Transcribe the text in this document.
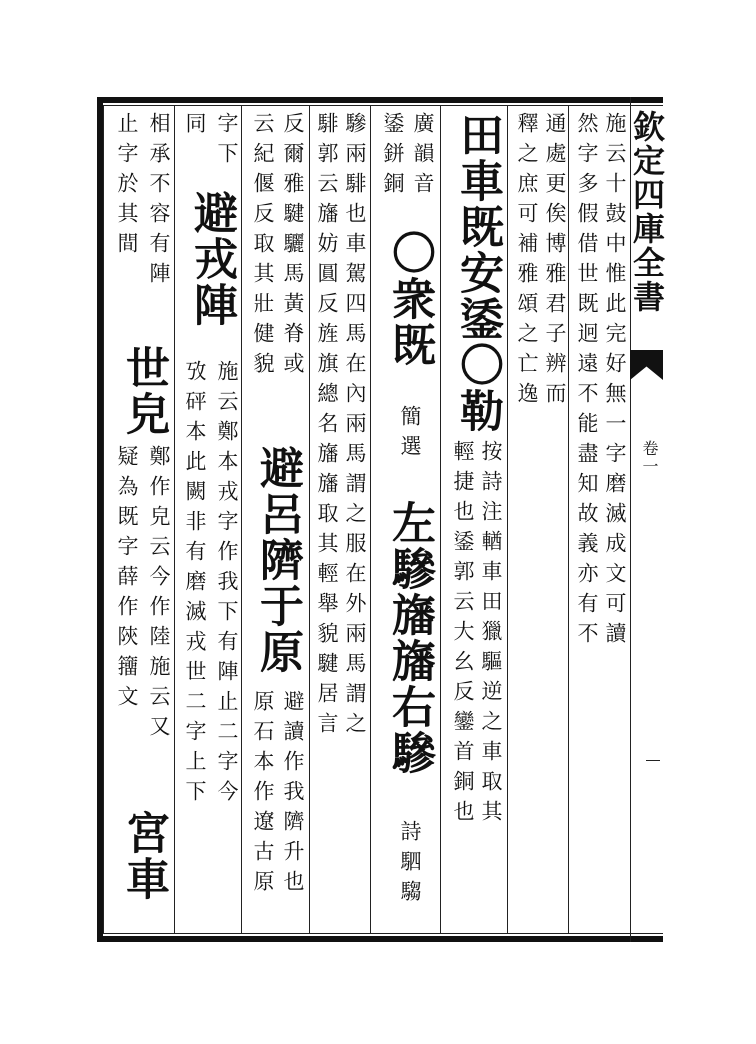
欽定四庫全書
卷一
施云十鼓中惟此完好無一字磨滅成文可讀
然字多假借世既迥遠不能盡知故義亦有不
通處更俟博雅君子辨而
釋之庶可補雅頌之亡逸
田車既安鋈〇勒
按詩注輶車田獵驅逆之車取其
輕捷也鋈郭云大幺反鑾首銅也
廣韻音
鋈鉼銅
〇衆既
簡選
左驂旛旛右驂
詩駟騶
驂兩騑也車駕四馬在內兩馬謂之服在外兩馬謂之
騑郭云旛妨圓反旌旗總名旛旛取其輕舉貌騝居言
反爾雅騝驪馬黃脊或
云紀偃反取其壯健貌
避呂隮于原
避讀作我隮升也
原石本作遼古原
字下
同
避戎陣
施云鄭本戎字作我下有陣止二字今
攷砰本此闕非有磨滅戎世二字上下
相承不容有陣
止字於其間
世皃
鄭作皃云今作陸施云又
疑為既字薛作陝籒文
宮車
